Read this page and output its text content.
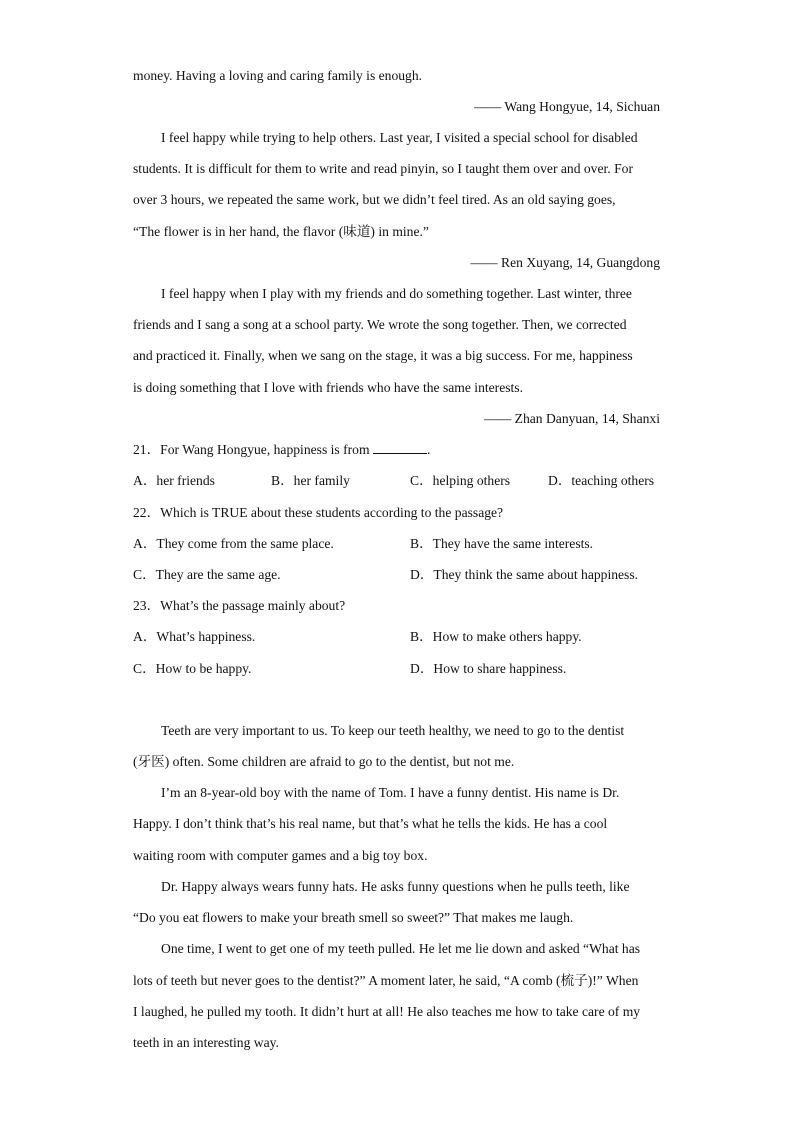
money. Having a loving and caring family is enough.
—— Wang Hongyue, 14, Sichuan
I feel happy while trying to help others. Last year, I visited a special school for disabled
students. It is difficult for them to write and read pinyin, so I taught them over and over. For
over 3 hours, we repeated the same work, but we didn’t feel tired. As an old saying goes,
“The flower is in her hand, the flavor (味道) in mine.”
—— Ren Xuyang, 14, Guangdong
I feel happy when I play with my friends and do something together. Last winter, three
friends and I sang a song at a school party. We wrote the song together. Then, we corrected
and practiced it. Finally, when we sang on the stage, it was a big success. For me, happiness
is doing something that I love with friends who have the same interests.
—— Zhan Danyuan, 14, Shanxi
21．For Wang Hongyue, happiness is from	.
A．her friends	B．her family	C．helping others	D．teaching others
22．Which is TRUE about these students according to the passage?
A．They come from the same place.	B．They have the same interests.
C．They are the same age.	D．They think the same about happiness.
23．What’s the passage mainly about?
A．What’s happiness.	B．How to make others happy.
C．How to be happy.	D．How to share happiness.
Teeth are very important to us. To keep our teeth healthy, we need to go to the dentist
(牙医) often. Some children are afraid to go to the dentist, but not me.
I’m an 8-year-old boy with the name of Tom. I have a funny dentist. His name is Dr.
Happy. I don’t think that’s his real name, but that’s what he tells the kids. He has a cool
waiting room with computer games and a big toy box.
Dr. Happy always wears funny hats. He asks funny questions when he pulls teeth, like
“Do you eat flowers to make your breath smell so sweet?” That makes me laugh.
One time, I went to get one of my teeth pulled. He let me lie down and asked “What has
lots of teeth but never goes to the dentist?” A moment later, he said, “A comb (梳子)!” When
I laughed, he pulled my tooth. It didn’t hurt at all! He also teaches me how to take care of my
teeth in an interesting way.
